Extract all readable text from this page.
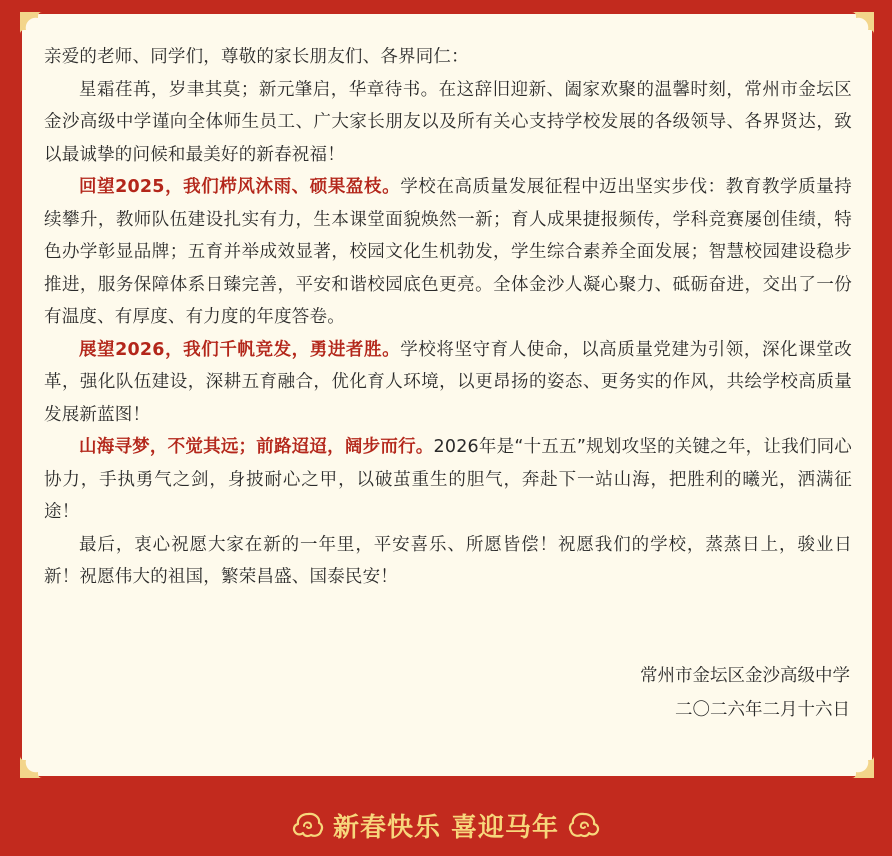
亲爱的老师、同学们，尊敬的家长朋友们、各界同仁：

星霜荏苒，岁聿其莫；新元肇启，华章待书。在这辞旧迎新、阖家欢聚的温馨时刻，常州市金坛区金沙高级中学谨向全体师生员工、广大家长朋友以及所有关心支持学校发展的各级领导、各界贤达，致以最诚挚的问候和最美好的新春祝福！

回望2025，我们栉风沐雨、硕果盈枝。学校在高质量发展征程中迈出坚实步伐：教育教学质量持续攀升，教师队伍建设扎实有力，生本课堂面貌焕然一新；育人成果捷报频传，学科竞赛屡创佳绩，特色办学彰显品牌；五育并举成效显著，校园文化生机勃发，学生综合素养全面发展；智慧校园建设稳步推进，服务保障体系日臻完善，平安和谐校园底色更亮。全体金沙人凝心聚力、砥砺奋进，交出了一份有温度、有厚度、有力度的年度答卷。

展望2026，我们千帆竞发，勇进者胜。学校将坚守育人使命，以高质量党建为引领，深化课堂改革，强化队伍建设，深耕五育融合，优化育人环境，以更昂扬的姿态、更务实的作风，共绘学校高质量发展新蓝图！

山海寻梦，不觉其远；前路迢迢，阔步而行。2026年是“十五五”规划攻坚的关键之年，让我们同心协力，手执勇气之剑，身披耐心之甲，以破茧重生的胆气，奔赴下一站山海，把胜利的曦光，洒满征途！

最后，衷心祝愿大家在新的一年里，平安喜乐、所愿皆偿！祝愿我们的学校，蒸蒸日上，骏业日新！祝愿伟大的祖国，繁荣昌盛、国泰民安！

常州市金坛区金沙高级中学
二〇二六年二月十六日
新春快乐 喜迎马年
